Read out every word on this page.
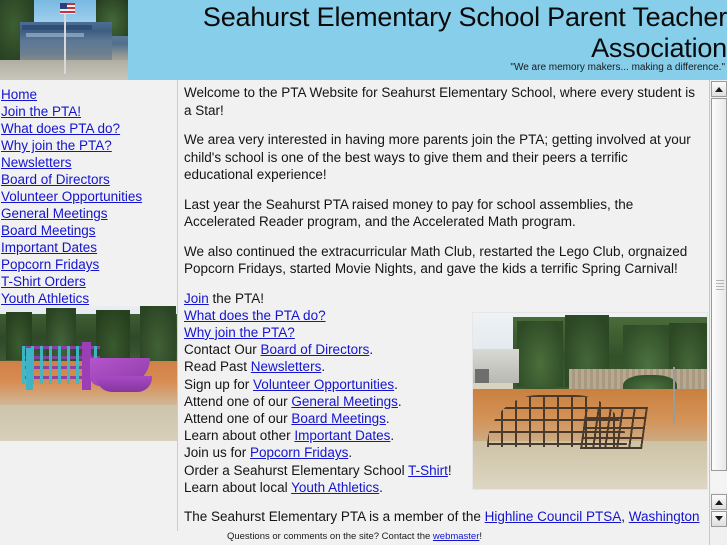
Seahurst Elementary School Parent Teacher
Association
"We are memory makers... making a difference."
Home
Join the PTA!
What does PTA do?
Why join the PTA?
Newsletters
Board of Directors
Volunteer Opportunities
General Meetings
Board Meetings
Important Dates
Popcorn Fridays
T-Shirt Orders
Youth Athletics

Welcome to the PTA Website for Seahurst Elementary School, where every student is a Star!

We area very interested in having more parents join the PTA; getting involved at your child's school is one of the best ways to give them and their peers a terrific educational experience!

Last year the Seahurst PTA raised money to pay for school assemblies, the Accelerated Reader program, and the Accelerated Math program.

We also continued the extracurricular Math Club, restarted the Lego Club, orgnaized Popcorn Fridays, started Movie Nights, and gave the kids a terrific Spring Carnival!

Join the PTA!
What does the PTA do?
Why join the PTA?
Contact Our Board of Directors.
Read Past Newsletters.
Sign up for Volunteer Opportunities.
Attend one of our General Meetings.
Attend one of our Board Meetings.
Learn about other Important Dates.
Join us for Popcorn Fridays.
Order a Seahurst Elementary School T-Shirt!
Learn about local Youth Athletics.

The Seahurst Elementary PTA is a member of the Highline Council PTSA, Washington

Questions or comments on the site? Contact the webmaster!
